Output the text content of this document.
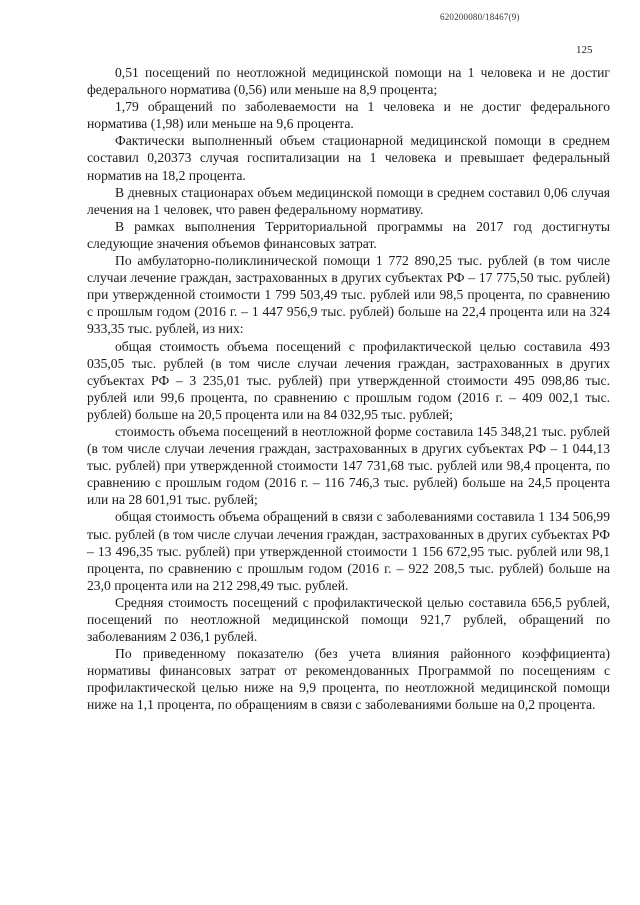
620200080/18467(9)
125

0,51 посещений по неотложной медицинской помощи на 1 человека и не достиг федерального норматива (0,56) или меньше на 8,9 процента;

1,79 обращений по заболеваемости на 1 человека и не достиг федерального норматива (1,98) или меньше на 9,6 процента.

Фактически выполненный объем стационарной медицинской помощи в среднем составил 0,20373 случая госпитализации на 1 человека и превышает федеральный норматив на 18,2 процента.

В дневных стационарах объем медицинской помощи в среднем составил 0,06 случая лечения на 1 человек, что равен федеральному нормативу.

В рамках выполнения Территориальной программы на 2017 год достигнуты следующие значения объемов финансовых затрат.

По амбулаторно-поликлинической помощи 1 772 890,25 тыс. рублей (в том числе случаи лечение граждан, застрахованных в других субъектах РФ – 17 775,50 тыс. рублей) при утвержденной стоимости 1 799 503,49 тыс. рублей или 98,5 процента, по сравнению с прошлым годом (2016 г. – 1 447 956,9 тыс. рублей) больше на 22,4 процента или на 324 933,35 тыс. рублей, из них:

общая стоимость объема посещений с профилактической целью составила 493 035,05 тыс. рублей (в том числе случаи лечения граждан, застрахованных в других субъектах РФ – 3 235,01 тыс. рублей) при утвержденной стоимости 495 098,86 тыс. рублей или 99,6 процента, по сравнению с прошлым годом (2016 г. – 409 002,1 тыс. рублей) больше на 20,5 процента или на 84 032,95 тыс. рублей;

стоимость объема посещений в неотложной форме составила 145 348,21 тыс. рублей (в том числе случаи лечения граждан, застрахованных в других субъектах РФ – 1 044,13 тыс. рублей) при утвержденной стоимости 147 731,68 тыс. рублей или 98,4 процента, по сравнению с прошлым годом (2016 г. – 116 746,3 тыс. рублей) больше на 24,5 процента или на 28 601,91 тыс. рублей;

общая стоимость объема обращений в связи с заболеваниями составила 1 134 506,99 тыс. рублей (в том числе случаи лечения граждан, застрахованных в других субъектах РФ – 13 496,35 тыс. рублей) при утвержденной стоимости 1 156 672,95 тыс. рублей или 98,1 процента, по сравнению с прошлым годом (2016 г. – 922 208,5 тыс. рублей) больше на 23,0 процента или на 212 298,49 тыс. рублей.

Средняя стоимость посещений с профилактической целью составила 656,5 рублей, посещений по неотложной медицинской помощи 921,7 рублей, обращений по заболеваниям 2 036,1 рублей.

По приведенному показателю (без учета влияния районного коэффициента) нормативы финансовых затрат от рекомендованных Программой по посещениям с профилактической целью ниже на 9,9 процента, по неотложной медицинской помощи ниже на 1,1 процента, по обращениям в связи с заболеваниями больше на 0,2 процента.
